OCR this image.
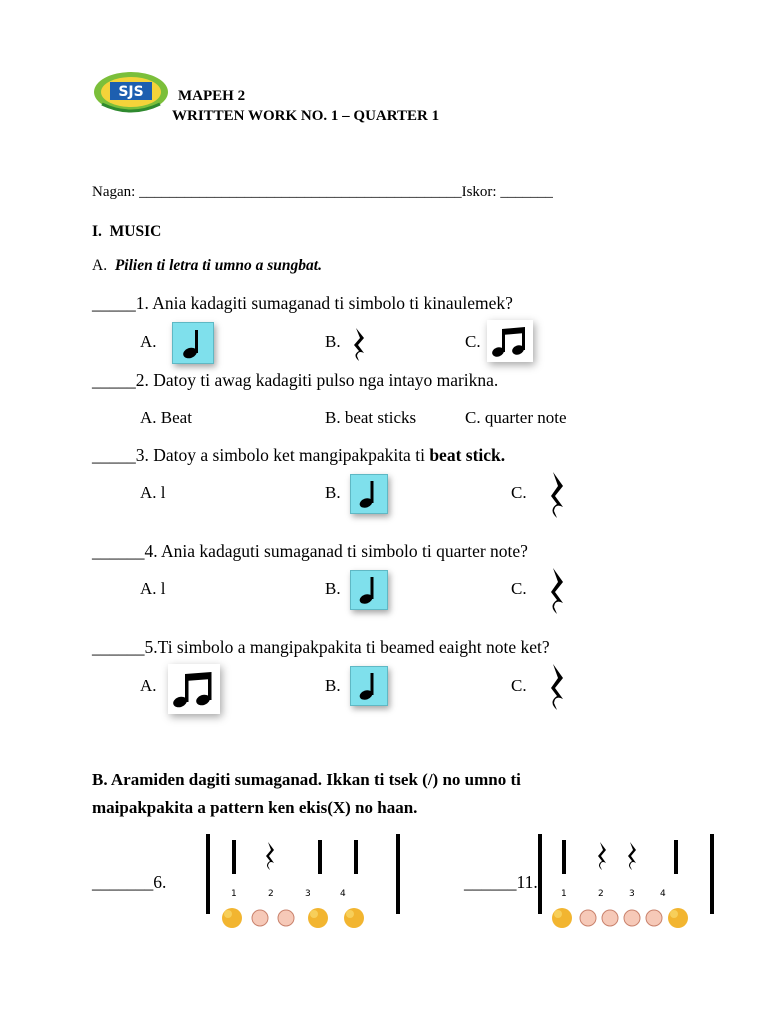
SJS MAPEH 2
WRITTEN WORK NO. 1 – QUARTER 1
Nagan: ___________________________________________Iskor: _______
I. MUSIC
A. Pilien ti letra ti umno a sungbat.
_____1. Ania kadagiti sumaganad ti simbolo ti kinaulemek?
A.	B.	C.
_____2. Datoy ti awag kadagiti pulso nga intayo marikna.
A. Beat	B. beat sticks	C. quarter note
_____3. Datoy a simbolo ket mangipakpakita ti beat stick.
A. l	B.	C.
______4. Ania kadaguti sumaganad ti simbolo ti quarter note?
A. l	B.	C.
______5.Ti simbolo a mangipakpakita ti beamed eaight note ket?
A.	B.	C.
B. Aramiden dagiti sumaganad. Ikkan ti tsek (/) no umno ti
maipakpakita a pattern ken ekis(X) no haan.
_______6.
1	2	3	4
______11.
1	2	3	4
